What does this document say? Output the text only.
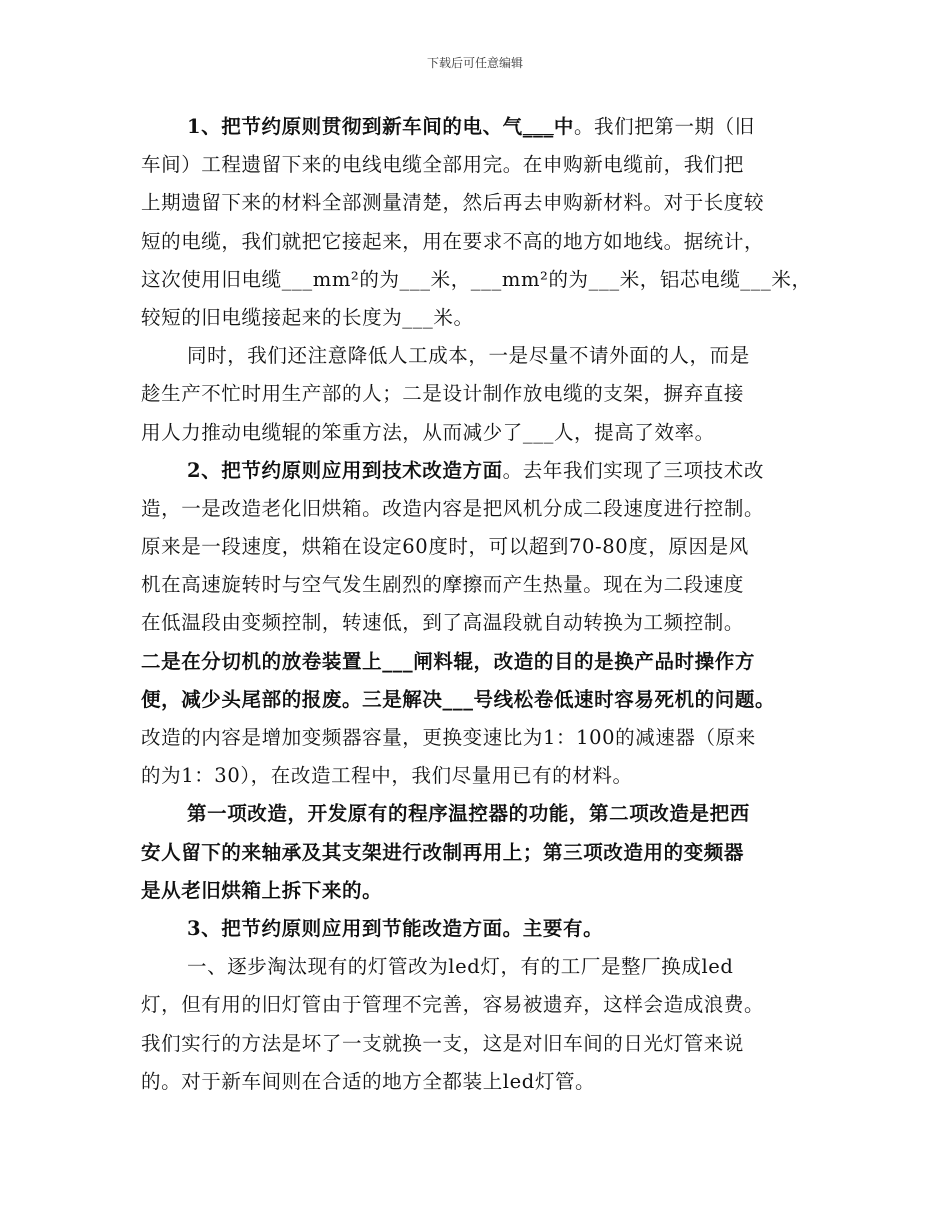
下载后可任意编辑
1、把节约原则贯彻到新车间的电、气___中。我们把第一期（旧
车间）工程遗留下来的电线电缆全部用完。在申购新电缆前，我们把
上期遗留下来的材料全部测量清楚，然后再去申购新材料。对于长度较
短的电缆，我们就把它接起来，用在要求不高的地方如地线。据统计，
这次使用旧电缆___mm²的为___米，___mm²的为___米，铝芯电缆___米，
较短的旧电缆接起来的长度为___米。
同时，我们还注意降低人工成本，一是尽量不请外面的人，而是
趁生产不忙时用生产部的人；二是设计制作放电缆的支架，摒弃直接
用人力推动电缆辊的笨重方法，从而减少了___人，提高了效率。
2、把节约原则应用到技术改造方面。去年我们实现了三项技术改
造，一是改造老化旧烘箱。改造内容是把风机分成二段速度进行控制。
原来是一段速度，烘箱在设定60度时，可以超到70-80度，原因是风
机在高速旋转时与空气发生剧烈的摩擦而产生热量。现在为二段速度
在低温段由变频控制，转速低，到了高温段就自动转换为工频控制。
二是在分切机的放卷装置上___闸料辊，改造的目的是换产品时操作方
便，减少头尾部的报废。三是解决___号线松卷低速时容易死机的问题。
改造的内容是增加变频器容量，更换变速比为1：100的减速器（原来
的为1：30），在改造工程中，我们尽量用已有的材料。
第一项改造，开发原有的程序温控器的功能，第二项改造是把西
安人留下的来轴承及其支架进行改制再用上；第三项改造用的变频器
是从老旧烘箱上拆下来的。
3、把节约原则应用到节能改造方面。主要有。
一、逐步淘汰现有的灯管改为led灯，有的工厂是整厂换成led
灯，但有用的旧灯管由于管理不完善，容易被遗弃，这样会造成浪费。
我们实行的方法是坏了一支就换一支，这是对旧车间的日光灯管来说
的。对于新车间则在合适的地方全都装上led灯管。
